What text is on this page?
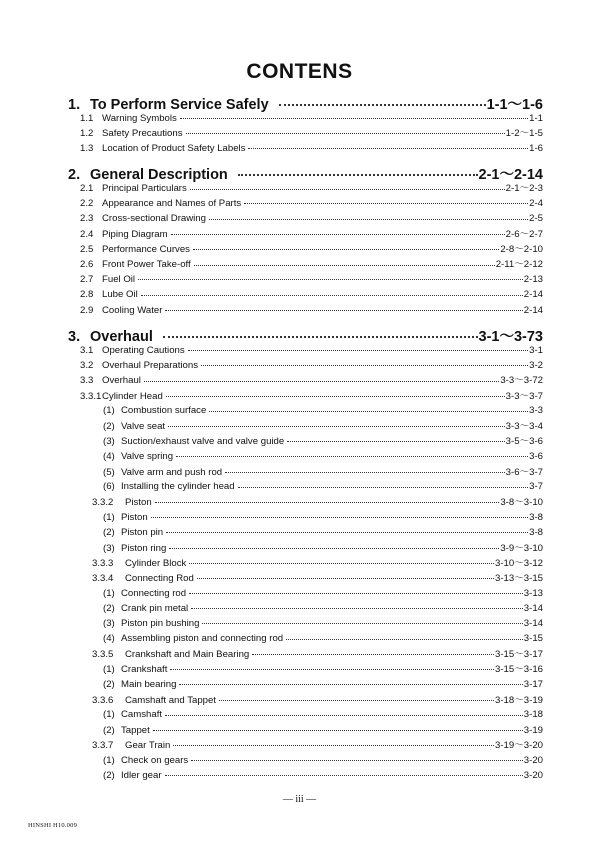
CONTENS
1. To Perform Service Safely	1-1～1-6
1.1 Warning Symbols	1-1
1.2 Safety Precautions	1-2～1-5
1.3 Location of Product Safety Labels	1-6
2. General Description	2-1～2-14
2.1 Principal Particulars	2-1～2-3
2.2 Appearance and Names of Parts	2-4
2.3 Cross-sectional Drawing	2-5
2.4 Piping Diagram	2-6～2-7
2.5 Performance Curves	2-8～2-10
2.6 Front Power Take-off	2-11～2-12
2.7 Fuel Oil	2-13
2.8 Lube Oil	2-14
2.9 Cooling Water	2-14
3. Overhaul	3-1～3-73
3.1 Operating Cautions	3-1
3.2 Overhaul Preparations	3-2
3.3 Overhaul	3-3～3-72
3.3.1 Cylinder Head	3-3～3-7
(1) Combustion surface	3-3
(2) Valve seat	3-3～3-4
(3) Suction/exhaust valve and valve guide	3-5～3-6
(4) Valve spring	3-6
(5) Valve arm and push rod	3-6～3-7
(6) Installing the cylinder head	3-7
3.3.2	Piston	3-8～3-10
(1) Piston	3-8
(2) Piston pin	3-8
(3) Piston ring	3-9～3-10
3.3.3	Cylinder Block	3-10～3-12
3.3.4	Connecting Rod	3-13～3-15
(1) Connecting rod	3-13
(2) Crank pin metal	3-14
(3) Piston pin bushing	3-14
(4) Assembling piston and connecting rod	3-15
3.3.5	Crankshaft and Main Bearing	3-15～3-17
(1) Crankshaft	3-15～3-16
(2) Main bearing	3-17
3.3.6	Camshaft and Tappet	3-18～3-19
(1) Camshaft	3-18
(2) Tappet	3-19
3.3.7	Gear Train	3-19～3-20
(1) Check on gears	3-20
(2) Idler gear	3-20
— iii —
HINSHI H10.009
